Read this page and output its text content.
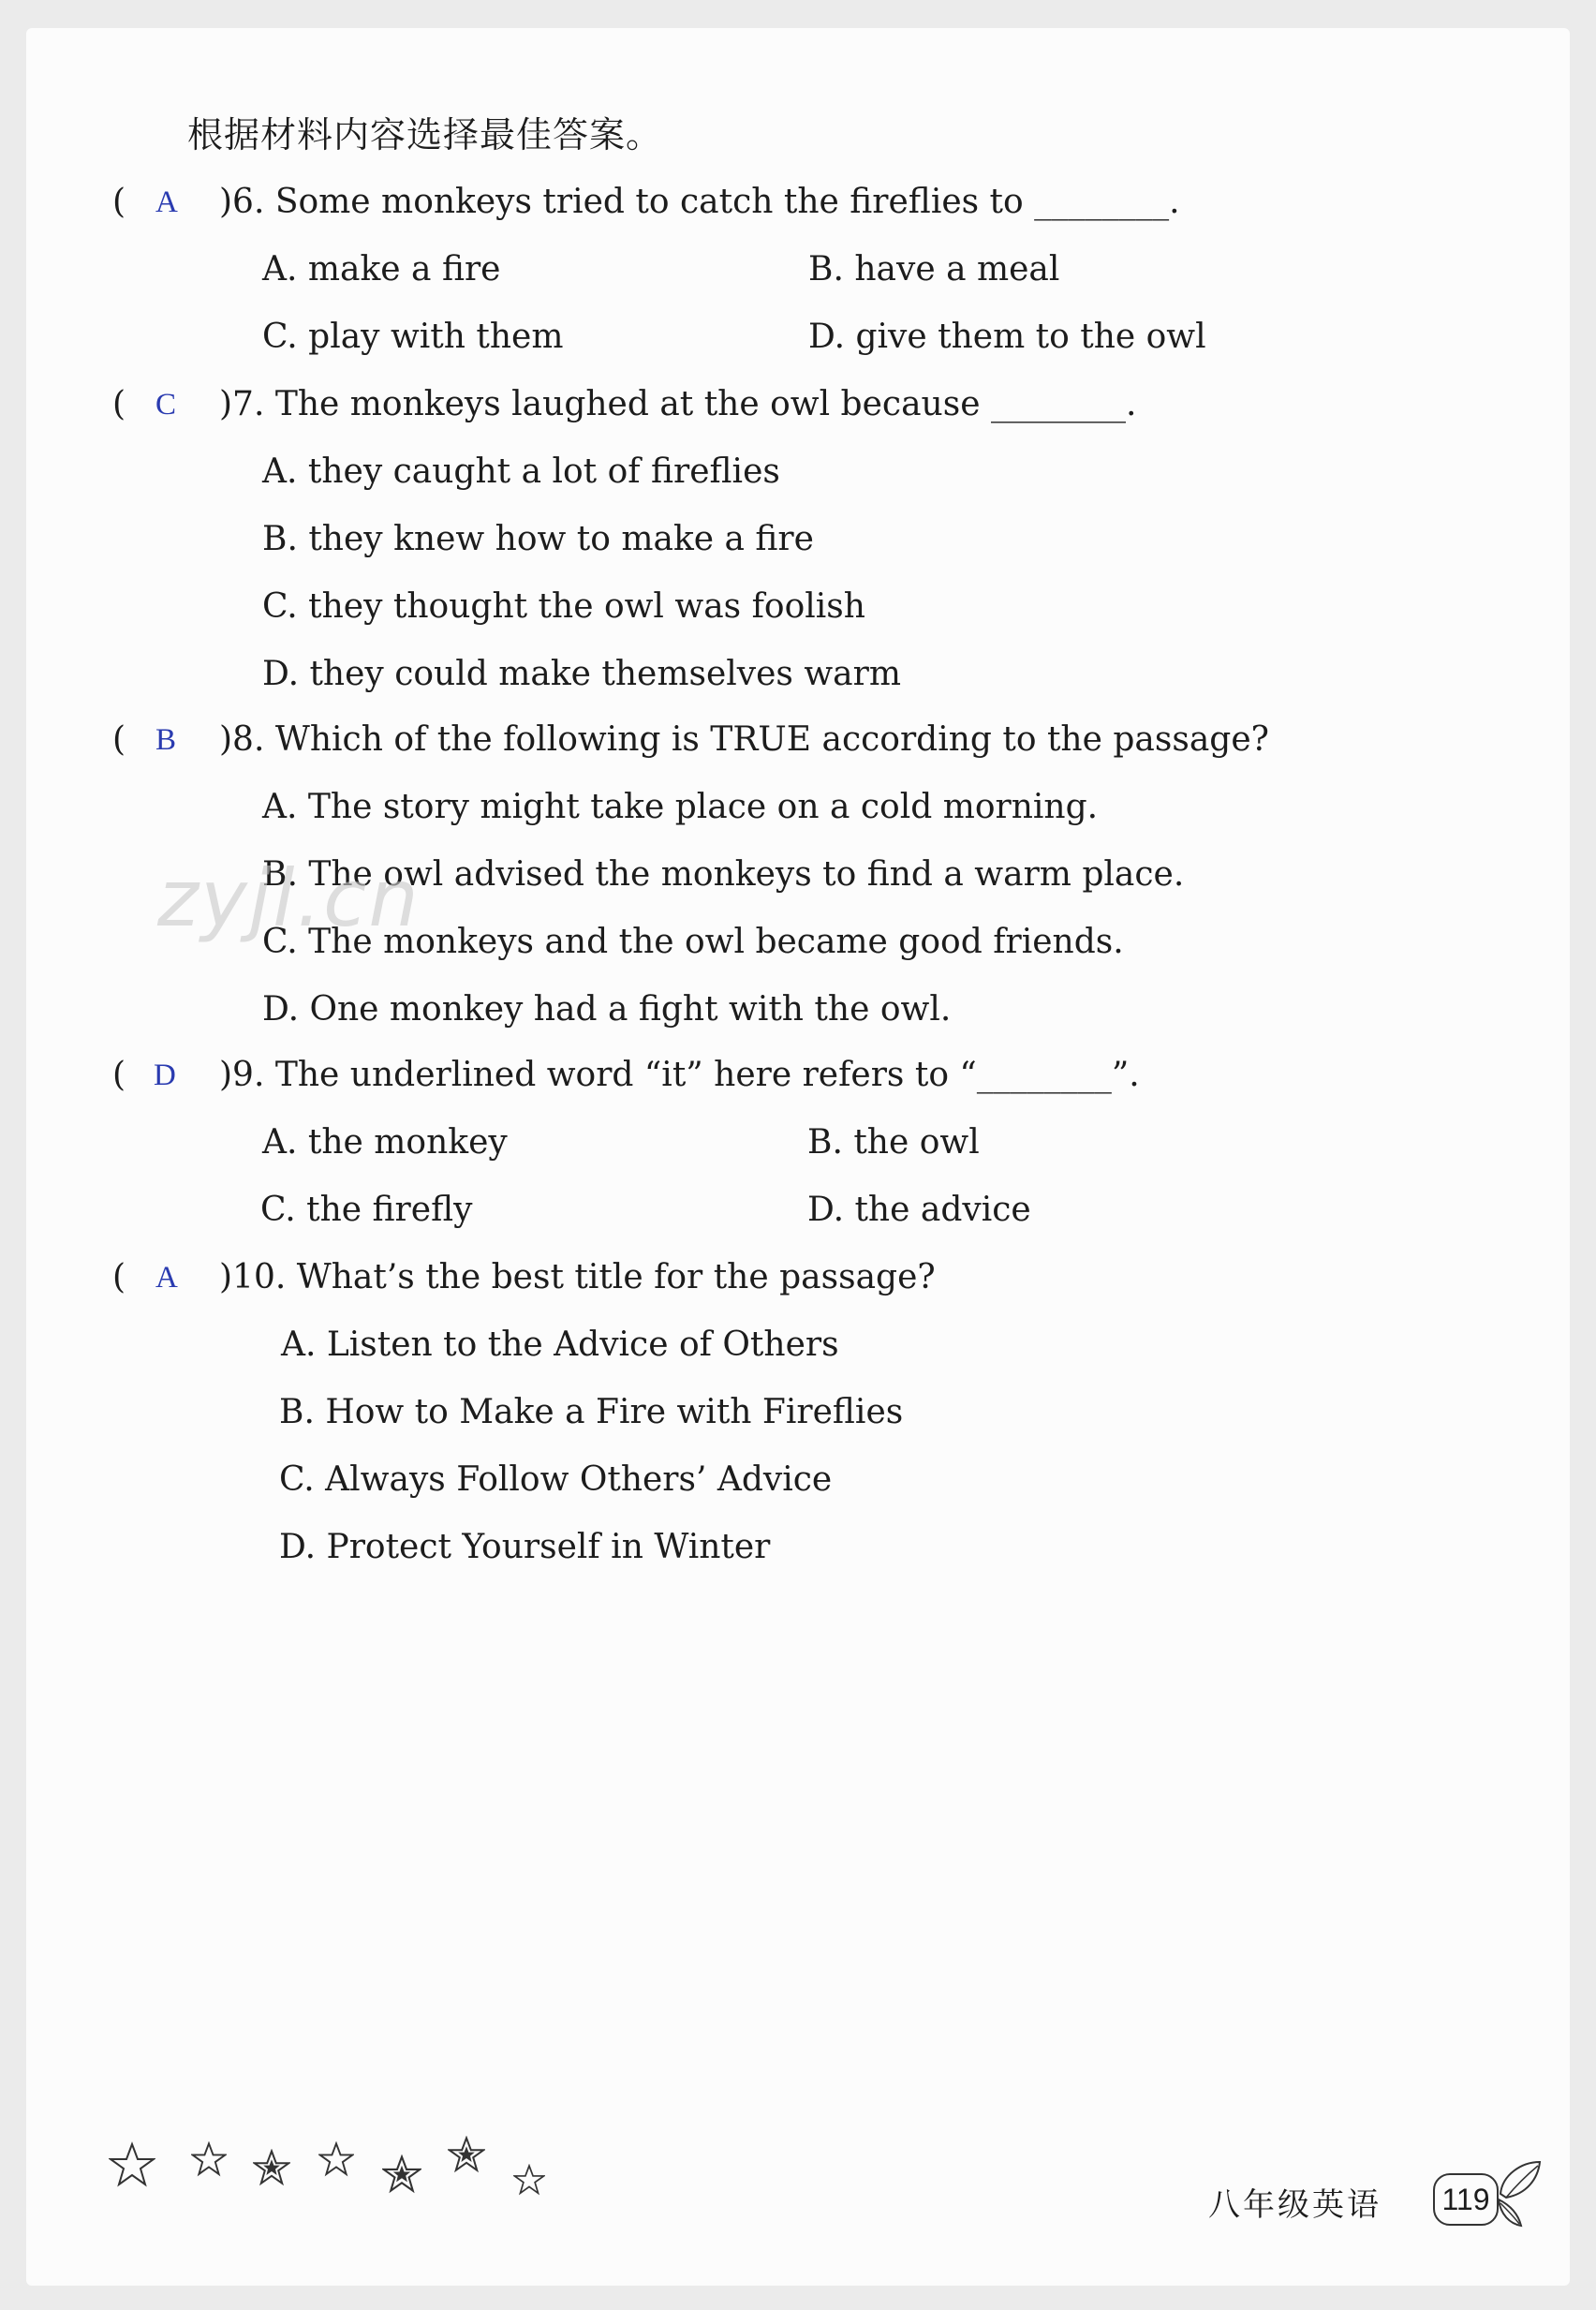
根据材料内容选择最佳答案。
( A )6. Some monkeys tried to catch the fireflies to ________.
A. make a fire	B. have a meal
C. play with them	D. give them to the owl
( C )7. The monkeys laughed at the owl because ________.
A. they caught a lot of fireflies
B. they knew how to make a fire
C. they thought the owl was foolish
D. they could make themselves warm
( B )8. Which of the following is TRUE according to the passage?
A. The story might take place on a cold morning.
B. The owl advised the monkeys to find a warm place.
C. The monkeys and the owl became good friends.
D. One monkey had a fight with the owl.
( D )9. The underlined word “it” here refers to “________”.
A. the monkey	B. the owl
C. the firefly	D. the advice
( A )10. What’s the best title for the passage?
A. Listen to the Advice of Others
B. How to Make a Fire with Fireflies
C. Always Follow Others’ Advice
D. Protect Yourself in Winter
zyjl.cn
八年级英语 119
